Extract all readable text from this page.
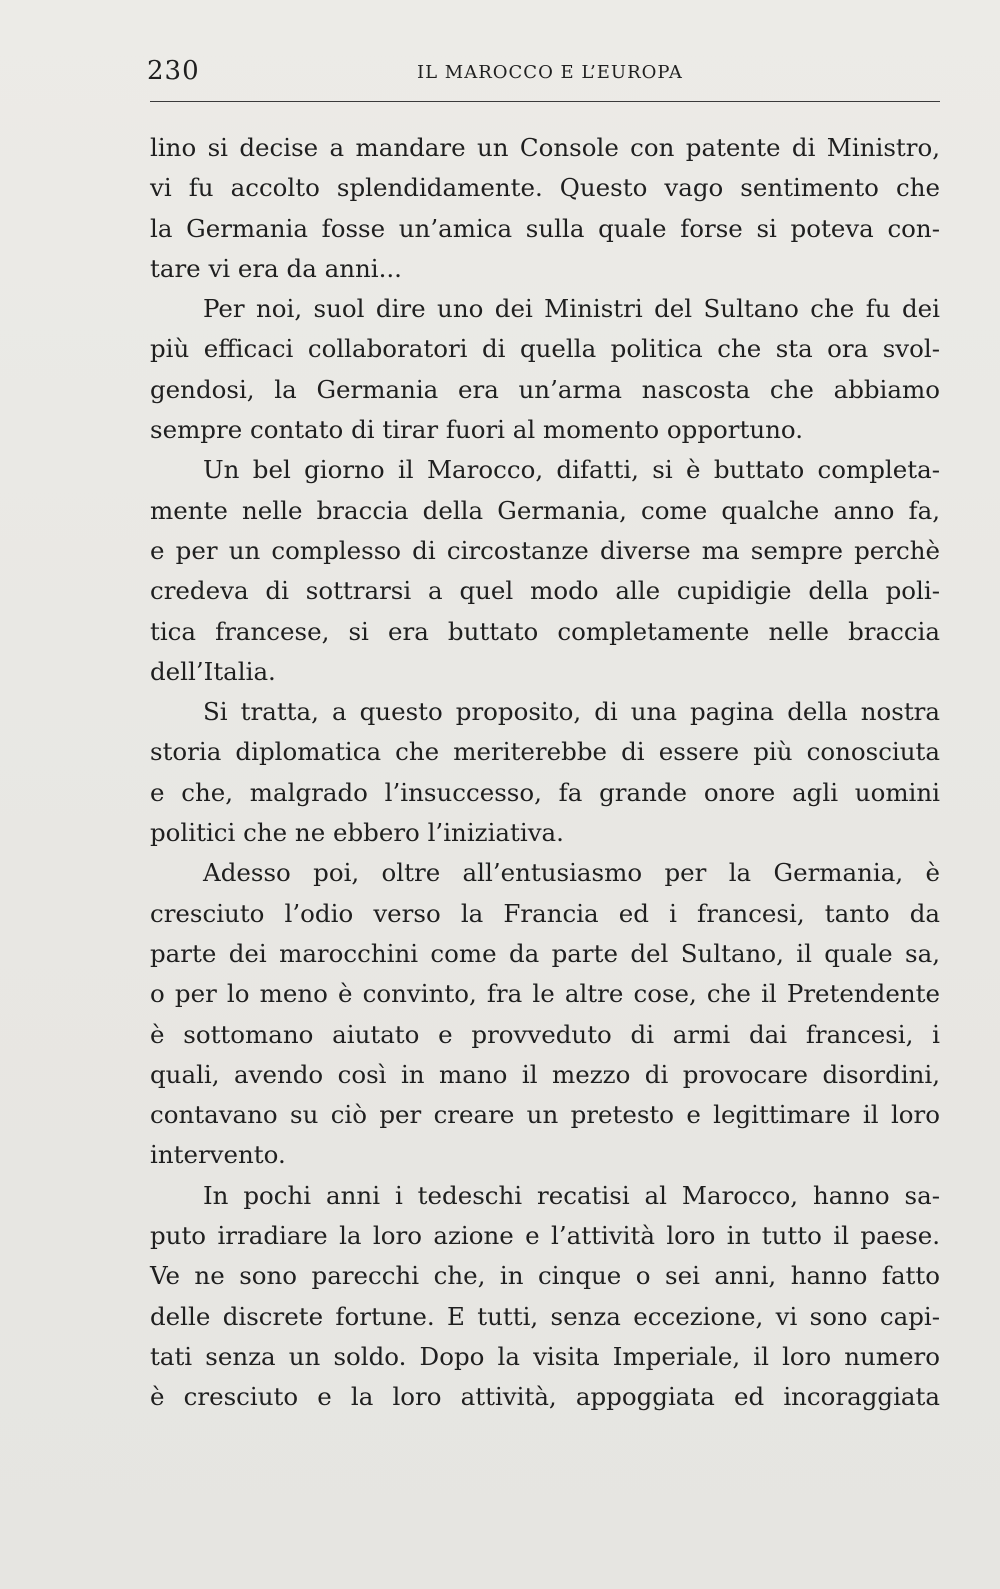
230	IL MAROCCO E L’EUROPA
lino si decise a mandare un Console con patente di Ministro,
vi fu accolto splendidamente. Questo vago sentimento che
la Germania fosse un’amica sulla quale forse si poteva con-
tare vi era da anni...
Per noi, suol dire uno dei Ministri del Sultano che fu dei
più efficaci collaboratori di quella politica che sta ora svol-
gendosi, la Germania era un’arma nascosta che abbiamo
sempre contato di tirar fuori al momento opportuno.
Un bel giorno il Marocco, difatti, si è buttato completa-
mente nelle braccia della Germania, come qualche anno fa,
e per un complesso di circostanze diverse ma sempre perchè
credeva di sottrarsi a quel modo alle cupidigie della poli-
tica francese, si era buttato completamente nelle braccia
dell’Italia.
Si tratta, a questo proposito, di una pagina della nostra
storia diplomatica che meriterebbe di essere più conosciuta
e che, malgrado l’insuccesso, fa grande onore agli uomini
politici che ne ebbero l’iniziativa.
Adesso poi, oltre all’entusiasmo per la Germania, è
cresciuto l’odio verso la Francia ed i francesi, tanto da
parte dei marocchini come da parte del Sultano, il quale sa,
o per lo meno è convinto, fra le altre cose, che il Pretendente
è sottomano aiutato e provveduto di armi dai francesi, i
quali, avendo così in mano il mezzo di provocare disordini,
contavano su ciò per creare un pretesto e legittimare il loro
intervento.
In pochi anni i tedeschi recatisi al Marocco, hanno sa-
puto irradiare la loro azione e l’attività loro in tutto il paese.
Ve ne sono parecchi che, in cinque o sei anni, hanno fatto
delle discrete fortune. E tutti, senza eccezione, vi sono capi-
tati senza un soldo. Dopo la visita Imperiale, il loro numero
è cresciuto e la loro attività, appoggiata ed incoraggiata
